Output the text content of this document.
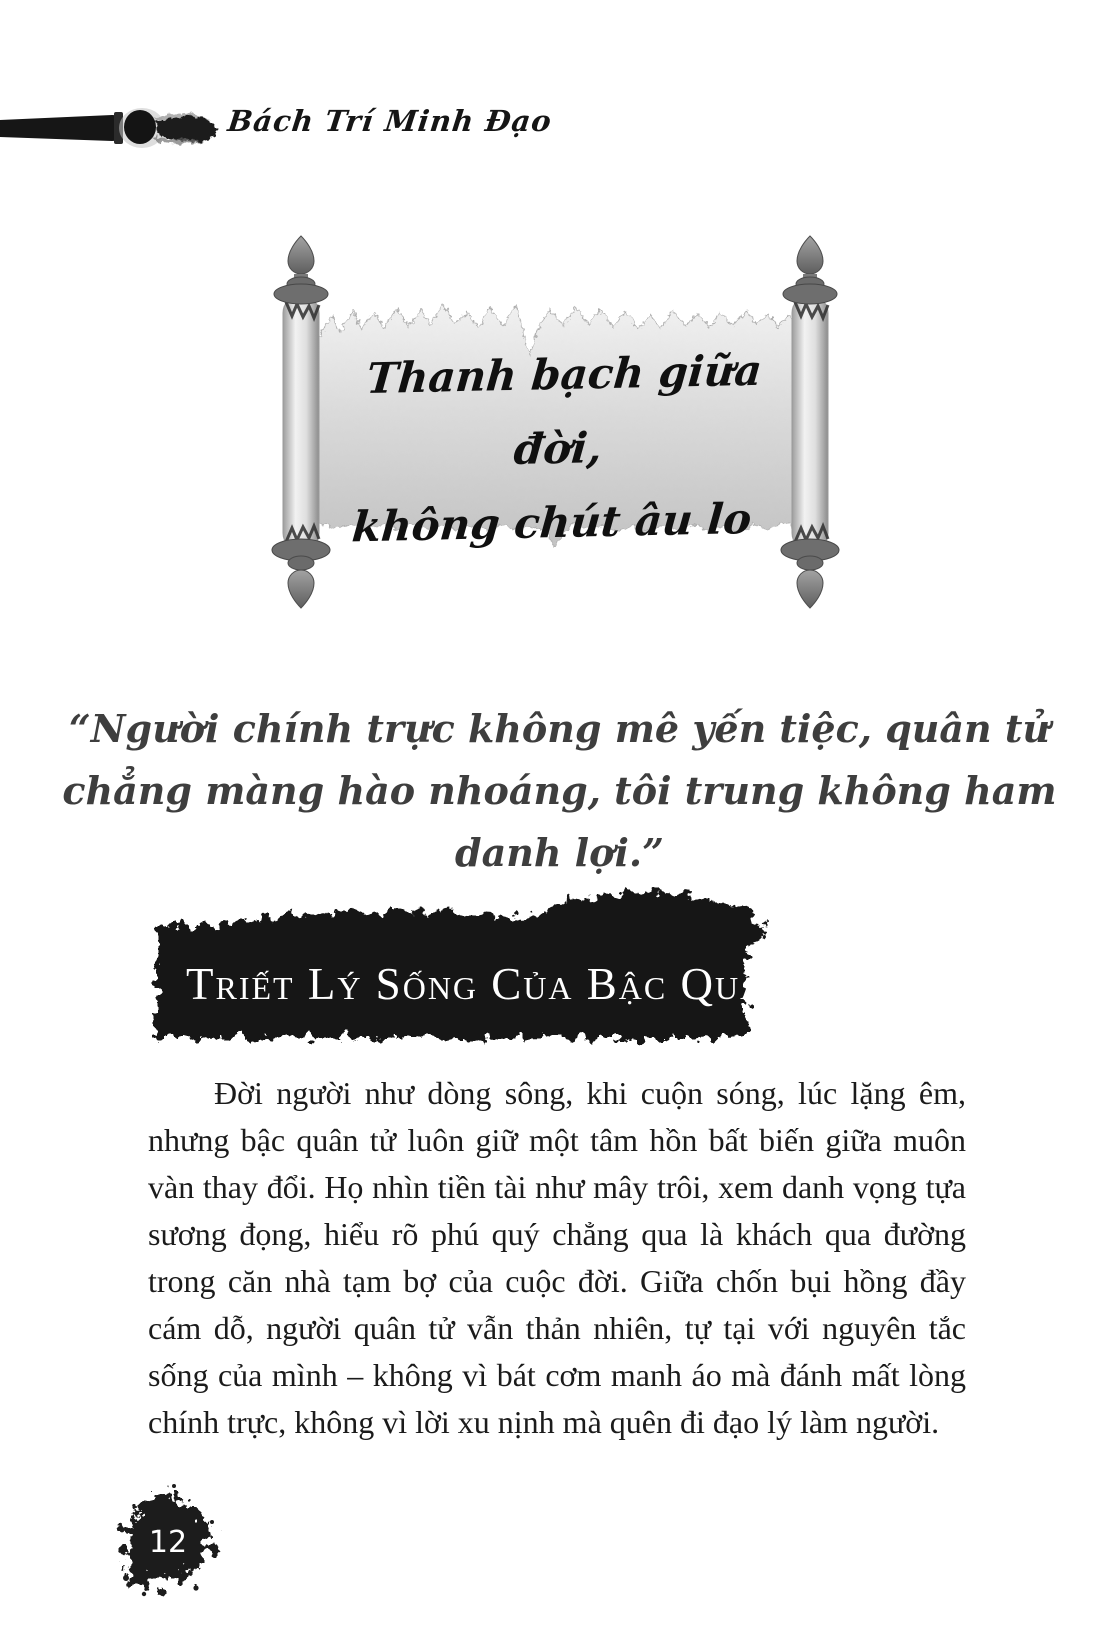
Bách Trí Minh Đạo
Thanh bạch giữa đời,
không chút âu lo
“Người chính trực không mê yến tiệc, quân tử
chẳng màng hào nhoáng, tôi trung không ham
danh lợi.”
Triết Lý Sống Của Bậc Quân Tử

Đời người như dòng sông, khi cuộn sóng, lúc lặng êm, nhưng bậc quân tử luôn giữ một tâm hồn bất biến giữa muôn vàn thay đổi. Họ nhìn tiền tài như mây trôi, xem danh vọng tựa sương đọng, hiểu rõ phú quý chẳng qua là khách qua đường trong căn nhà tạm bợ của cuộc đời. Giữa chốn bụi hồng đầy cám dỗ, người quân tử vẫn thản nhiên, tự tại với nguyên tắc sống của mình – không vì bát cơm manh áo mà đánh mất lòng chính trực, không vì lời xu nịnh mà quên đi đạo lý làm người.

12
